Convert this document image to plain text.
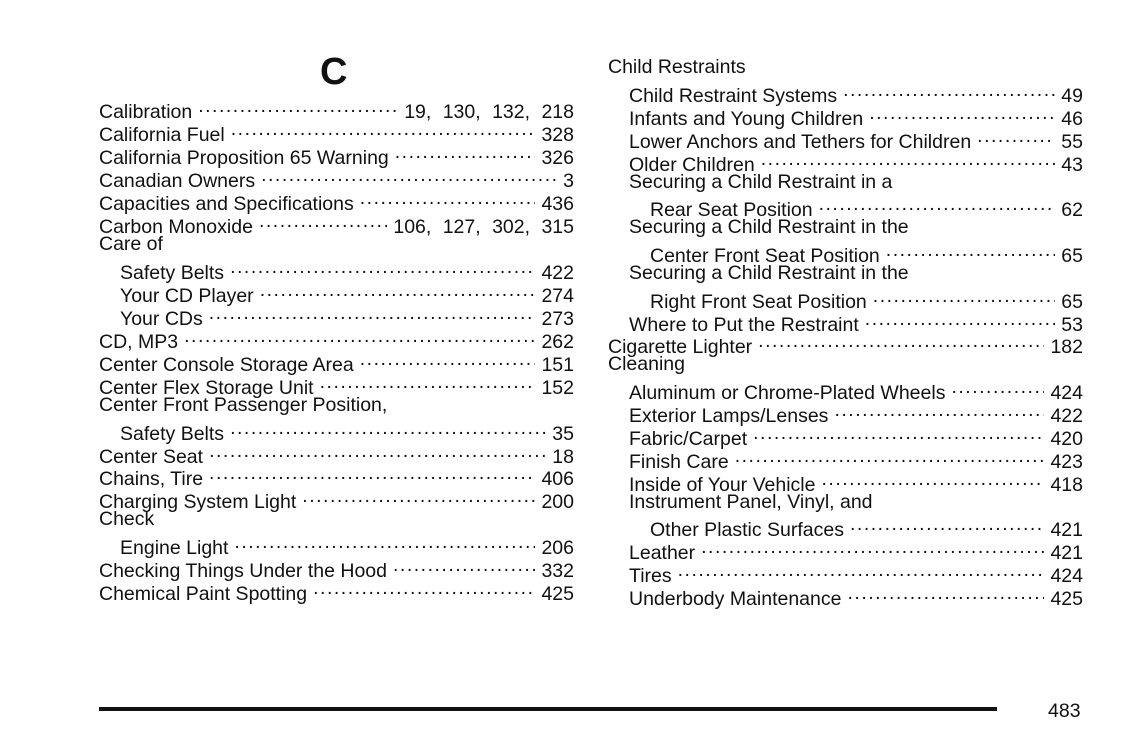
C
Calibration .....	19, 130, 132, 218
California Fuel .....	328
California Proposition 65 Warning .....	326
Canadian Owners .....	3
Capacities and Specifications .....	436
Carbon Monoxide .....	106, 127, 302, 315
Care of
Safety Belts .....	422
Your CD Player .....	274
Your CDs .....	273
CD, MP3 .....	262
Center Console Storage Area .....	151
Center Flex Storage Unit .....	152
Center Front Passenger Position,
Safety Belts .....	35
Center Seat .....	18
Chains, Tire .....	406
Charging System Light .....	200
Check
Engine Light .....	206
Checking Things Under the Hood .....	332
Chemical Paint Spotting .....	425
Child Restraints
Child Restraint Systems .....	49
Infants and Young Children .....	46
Lower Anchors and Tethers for Children .....	55
Older Children .....	43
Securing a Child Restraint in a
Rear Seat Position .....	62
Securing a Child Restraint in the
Center Front Seat Position .....	65
Securing a Child Restraint in the
Right Front Seat Position .....	65
Where to Put the Restraint .....	53
Cigarette Lighter .....	182
Cleaning
Aluminum or Chrome-Plated Wheels .....	424
Exterior Lamps/Lenses .....	422
Fabric/Carpet .....	420
Finish Care .....	423
Inside of Your Vehicle .....	418
Instrument Panel, Vinyl, and
Other Plastic Surfaces .....	421
Leather .....	421
Tires .....	424
Underbody Maintenance .....	425
483
